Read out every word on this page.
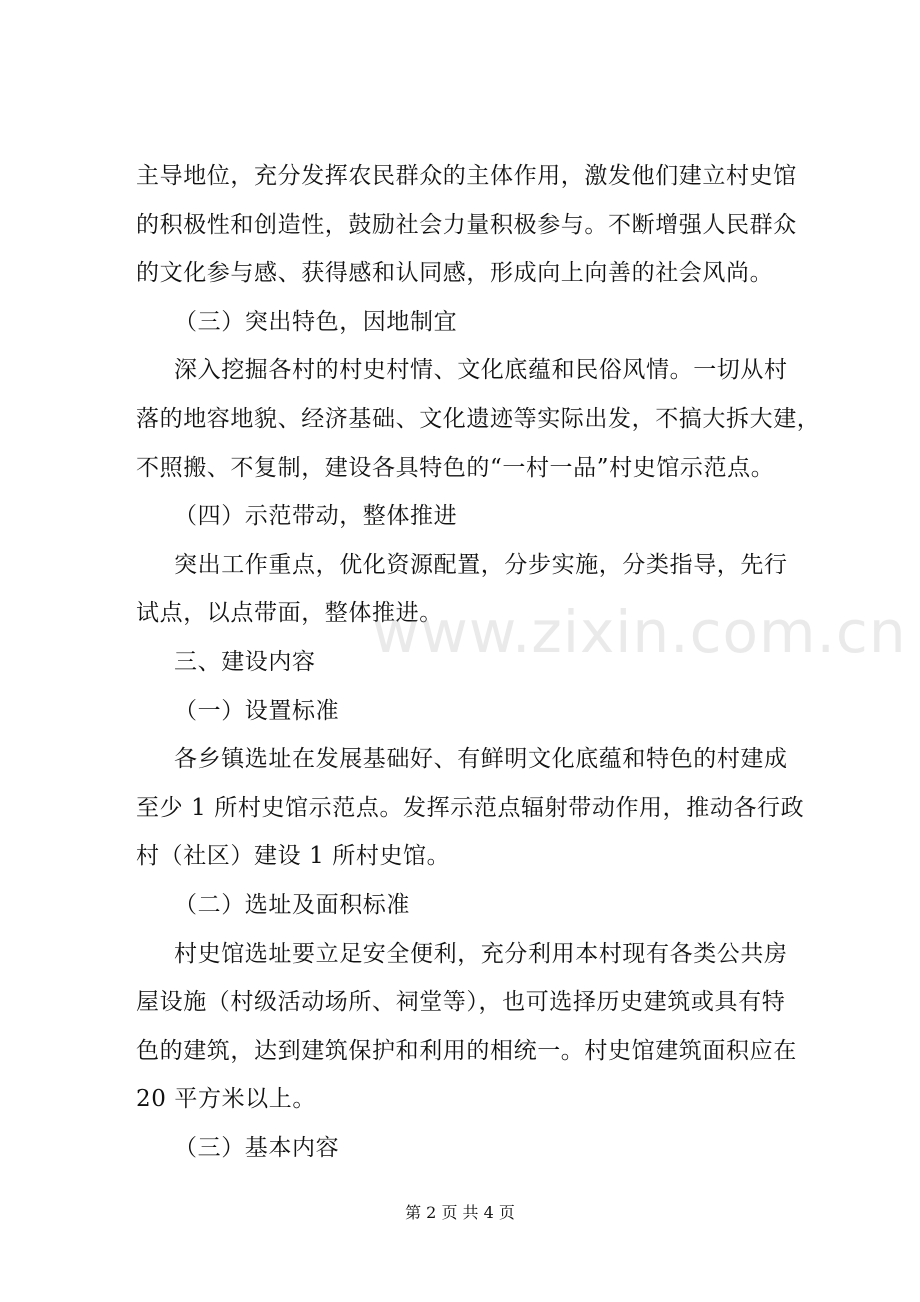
主导地位，充分发挥农民群众的主体作用，激发他们建立村史馆
的积极性和创造性，鼓励社会力量积极参与。不断增强人民群众
的文化参与感、获得感和认同感，形成向上向善的社会风尚。
（三）突出特色，因地制宜
深入挖掘各村的村史村情、文化底蕴和民俗风情。一切从村
落的地容地貌、经济基础、文化遗迹等实际出发，不搞大拆大建，
不照搬、不复制，建设各具特色的“一村一品”村史馆示范点。
（四）示范带动，整体推进
突出工作重点，优化资源配置，分步实施，分类指导，先行
试点，以点带面，整体推进。
三、建设内容
（一）设置标准
各乡镇选址在发展基础好、有鲜明文化底蕴和特色的村建成
至少 1 所村史馆示范点。发挥示范点辐射带动作用，推动各行政
村（社区）建设 1 所村史馆。
（二）选址及面积标准
村史馆选址要立足安全便利，充分利用本村现有各类公共房
屋设施（村级活动场所、祠堂等），也可选择历史建筑或具有特
色的建筑，达到建筑保护和利用的相统一。村史馆建筑面积应在
20 平方米以上。
（三）基本内容
www.zixin.com.cn
第 2 页 共 4 页
